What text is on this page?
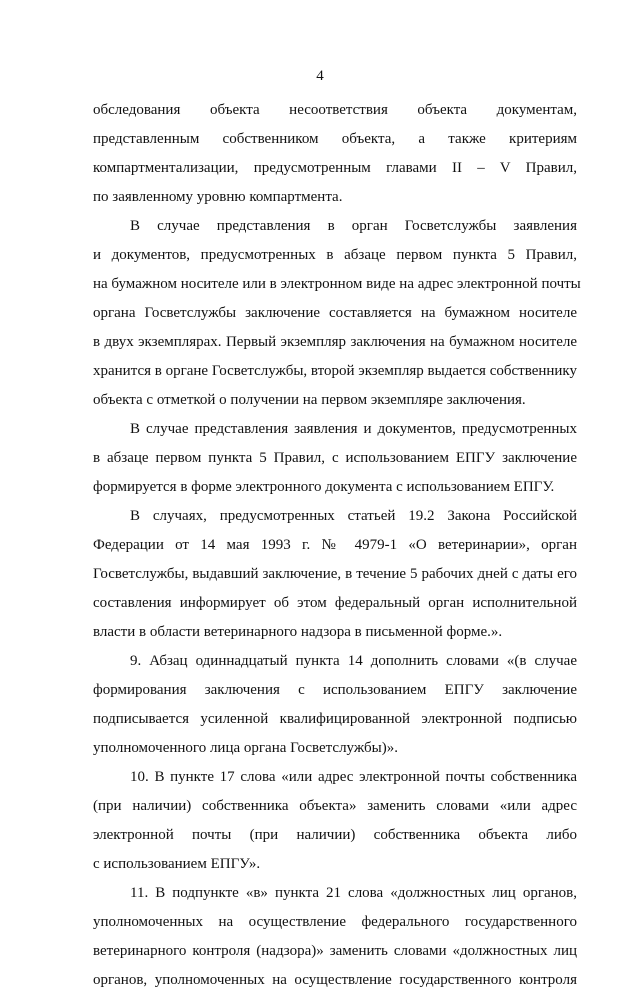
4
обследования объекта несоответствия объекта документам,
представленным собственником объекта, а также критериям
компартментализации, предусмотренным главами II – V Правил,
по заявленному уровню компартмента.
В случае представления в орган Госветслужбы заявления
и документов, предусмотренных в абзаце первом пункта 5 Правил,
на бумажном носителе или в электронном виде на адрес электронной почты
органа Госветслужбы заключение составляется на бумажном носителе
в двух экземплярах. Первый экземпляр заключения на бумажном носителе
хранится в органе Госветслужбы, второй экземпляр выдается собственнику
объекта с отметкой о получении на первом экземпляре заключения.
В случае представления заявления и документов, предусмотренных
в абзаце первом пункта 5 Правил, с использованием ЕПГУ заключение
формируется в форме электронного документа с использованием ЕПГУ.
В случаях, предусмотренных статьей 19.2 Закона Российской
Федерации от 14 мая 1993 г. № 4979-1 «О ветеринарии», орган
Госветслужбы, выдавший заключение, в течение 5 рабочих дней с даты его
составления информирует об этом федеральный орган исполнительной
власти в области ветеринарного надзора в письменной форме.».
9. Абзац одиннадцатый пункта 14 дополнить словами «(в случае
формирования заключения с использованием ЕПГУ заключение
подписывается усиленной квалифицированной электронной подписью
уполномоченного лица органа Госветслужбы)».
10. В пункте 17 слова «или адрес электронной почты собственника
(при наличии) собственника объекта» заменить словами «или адрес
электронной почты (при наличии) собственника объекта либо
с использованием ЕПГУ».
11. В подпункте «в» пункта 21 слова «должностных лиц органов,
уполномоченных на осуществление федерального государственного
ветеринарного контроля (надзора)» заменить словами «должностных лиц
органов, уполномоченных на осуществление государственного контроля
